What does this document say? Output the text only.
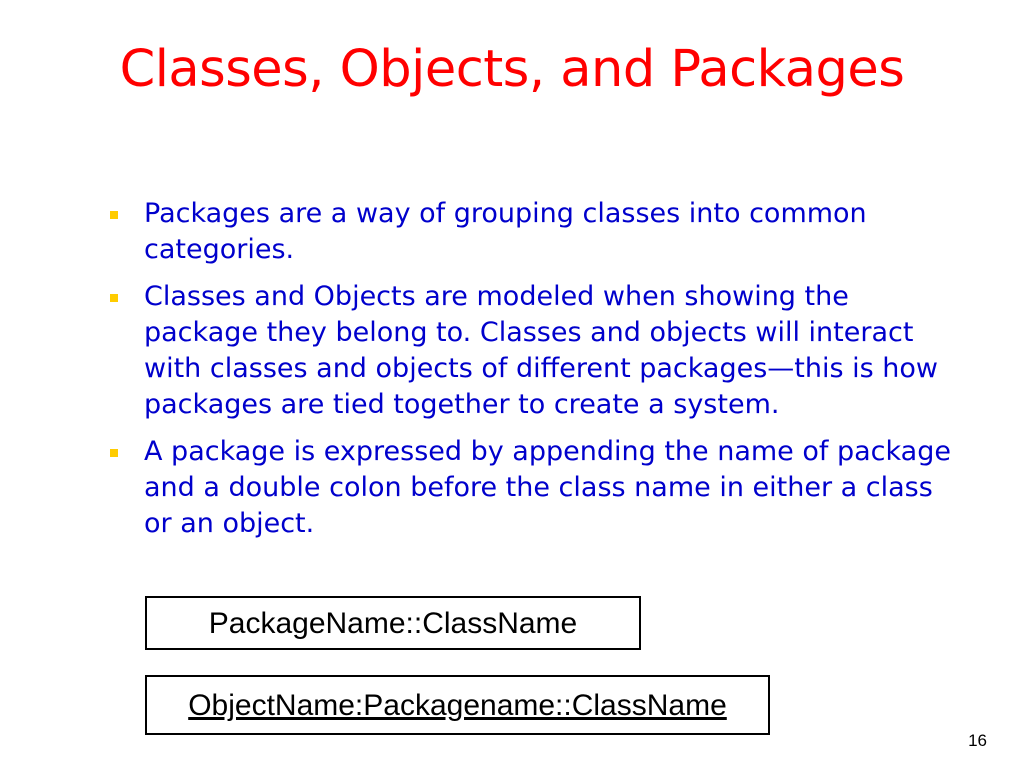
Classes, Objects, and Packages
Packages are a way of grouping classes into common categories.
Classes and Objects are modeled when showing the package they belong to. Classes and objects will interact with classes and objects of different packages—this is how packages are tied together to create a system.
A package is expressed by appending the name of package and a double colon before the class name in either a class or an object.
PackageName::ClassName
ObjectName:Packagename::ClassName
16
